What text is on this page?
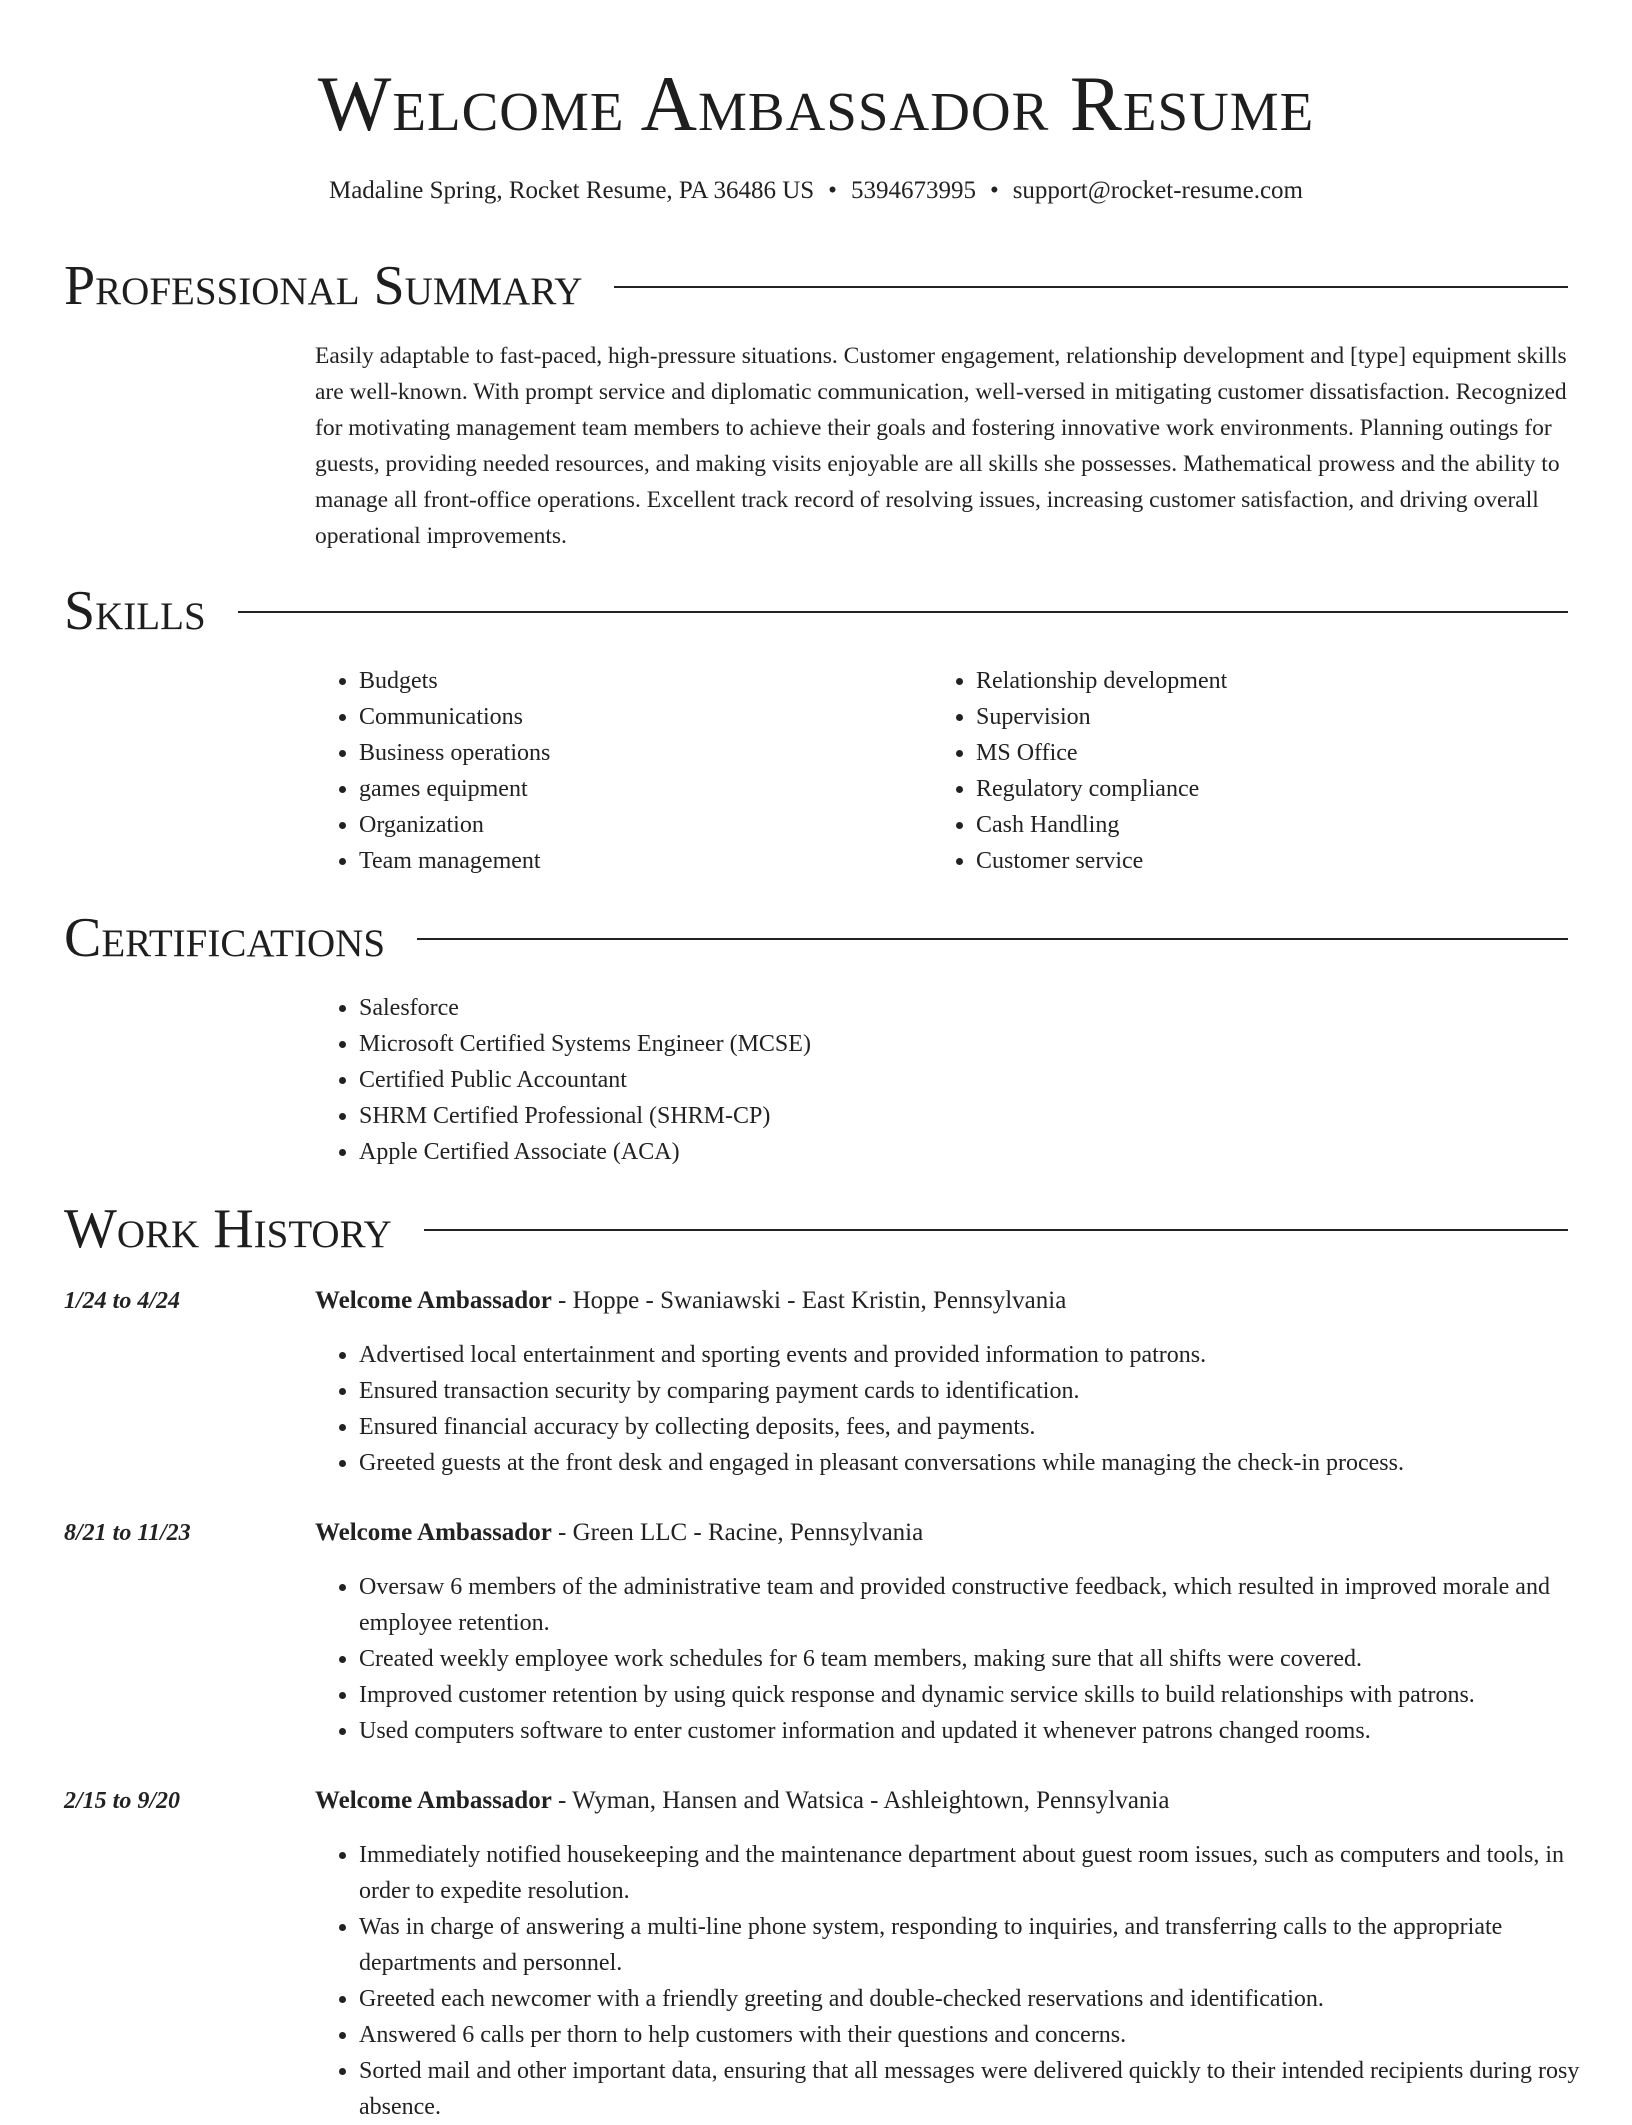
Welcome Ambassador Resume
Madaline Spring, Rocket Resume, PA 36486 US • 5394673995 • support@rocket-resume.com
Professional Summary

Easily adaptable to fast-paced, high-pressure situations. Customer engagement, relationship development and [type] equipment skills are well-known. With prompt service and diplomatic communication, well-versed in mitigating customer dissatisfaction. Recognized for motivating management team members to achieve their goals and fostering innovative work environments. Planning outings for guests, providing needed resources, and making visits enjoyable are all skills she possesses. Mathematical prowess and the ability to manage all front-office operations. Excellent track record of resolving issues, increasing customer satisfaction, and driving overall operational improvements.

Skills
• Budgets
• Communications
• Business operations
• games equipment
• Organization
• Team management
• Relationship development
• Supervision
• MS Office
• Regulatory compliance
• Cash Handling
• Customer service
Certifications
• Salesforce
• Microsoft Certified Systems Engineer (MCSE)
• Certified Public Accountant
• SHRM Certified Professional (SHRM-CP)
• Apple Certified Associate (ACA)
Work History
1/24 to 4/24	Welcome Ambassador - Hoppe - Swaniawski - East Kristin, Pennsylvania
• Advertised local entertainment and sporting events and provided information to patrons.
• Ensured transaction security by comparing payment cards to identification.
• Ensured financial accuracy by collecting deposits, fees, and payments.
• Greeted guests at the front desk and engaged in pleasant conversations while managing the check-in process.
8/21 to 11/23	Welcome Ambassador - Green LLC - Racine, Pennsylvania
• Oversaw 6 members of the administrative team and provided constructive feedback, which resulted in improved morale and employee retention.
• Created weekly employee work schedules for 6 team members, making sure that all shifts were covered.
• Improved customer retention by using quick response and dynamic service skills to build relationships with patrons.
• Used computers software to enter customer information and updated it whenever patrons changed rooms.
2/15 to 9/20	Welcome Ambassador - Wyman, Hansen and Watsica - Ashleightown, Pennsylvania
• Immediately notified housekeeping and the maintenance department about guest room issues, such as computers and tools, in order to expedite resolution.
• Was in charge of answering a multi-line phone system, responding to inquiries, and transferring calls to the appropriate departments and personnel.
• Greeted each newcomer with a friendly greeting and double-checked reservations and identification.
• Answered 6 calls per thorn to help customers with their questions and concerns.
• Sorted mail and other important data, ensuring that all messages were delivered quickly to their intended recipients during rosy absence.
